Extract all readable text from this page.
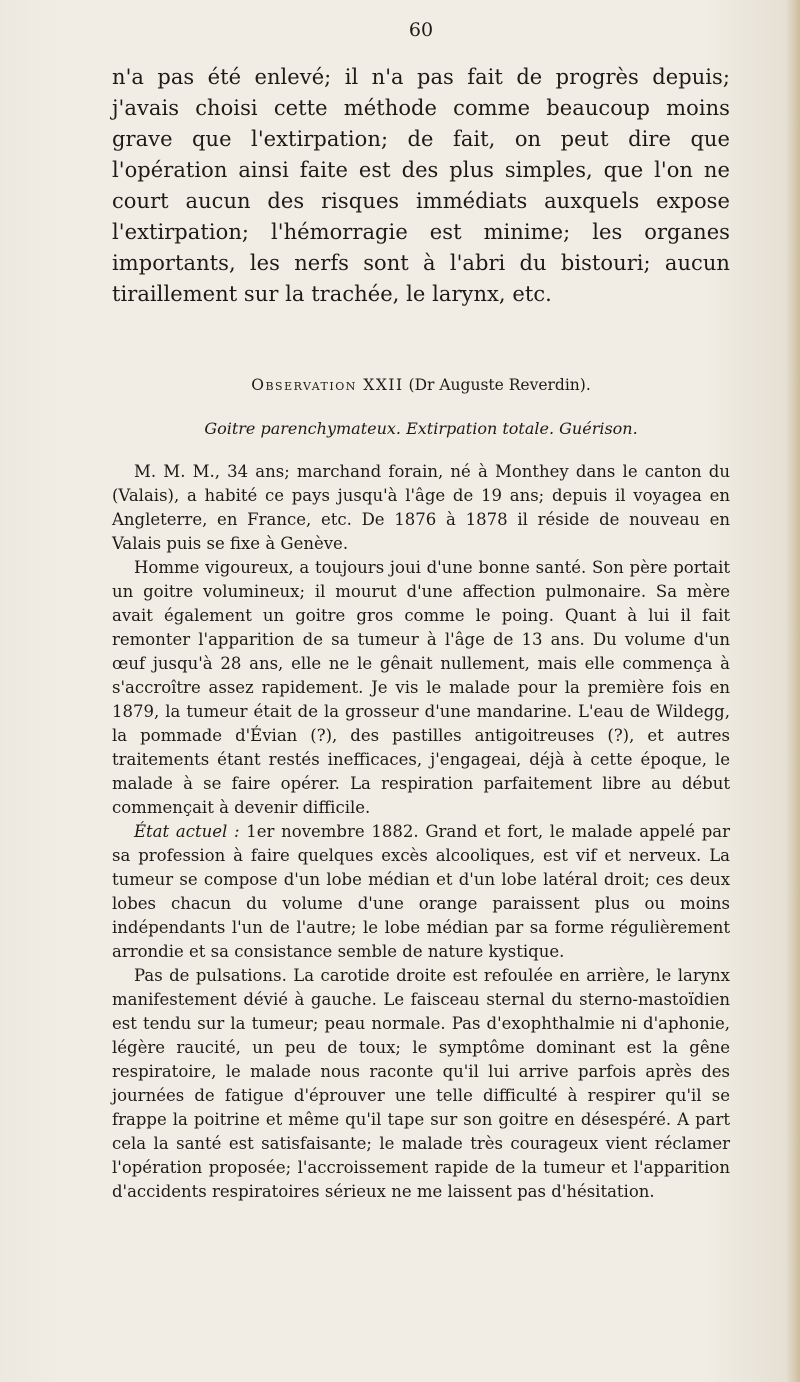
60

n'a pas été enlevé; il n'a pas fait de progrès depuis; j'avais choisi cette méthode comme beaucoup moins grave que l'extirpation; de fait, on peut dire que l'opération ainsi faite est des plus simples, que l'on ne court aucun des risques immédiats auxquels expose l'extirpation; l'hémorragie est minime; les organes importants, les nerfs sont à l'abri du bistouri; aucun tiraillement sur la trachée, le larynx, etc.

Observation XXII (Dr Auguste Reverdin).
Goitre parenchymateux. Extirpation totale. Guérison.

M. M. M., 34 ans; marchand forain, né à Monthey dans le canton du (Valais), a habité ce pays jusqu'à l'âge de 19 ans; depuis il voyagea en Angleterre, en France, etc. De 1876 à 1878 il réside de nouveau en Valais puis se fixe à Genève.

Homme vigoureux, a toujours joui d'une bonne santé. Son père portait un goitre volumineux; il mourut d'une affection pulmonaire. Sa mère avait également un goitre gros comme le poing. Quant à lui il fait remonter l'apparition de sa tumeur à l'âge de 13 ans. Du volume d'un œuf jusqu'à 28 ans, elle ne le gênait nullement, mais elle commença à s'accroître assez rapidement. Je vis le malade pour la première fois en 1879, la tumeur était de la grosseur d'une mandarine. L'eau de Wildegg, la pommade d'Évian (?), des pastilles antigoitreuses (?), et autres traitements étant restés inefficaces, j'engageai, déjà à cette époque, le malade à se faire opérer. La respiration parfaitement libre au début commençait à devenir difficile.

État actuel : 1er novembre 1882. Grand et fort, le malade appelé par sa profession à faire quelques excès alcooliques, est vif et nerveux. La tumeur se compose d'un lobe médian et d'un lobe latéral droit; ces deux lobes chacun du volume d'une orange paraissent plus ou moins indépendants l'un de l'autre; le lobe médian par sa forme régulièrement arrondie et sa consistance semble de nature kystique.

Pas de pulsations. La carotide droite est refoulée en arrière, le larynx manifestement dévié à gauche. Le faisceau sternal du sterno-mastoïdien est tendu sur la tumeur; peau normale. Pas d'exophthalmie ni d'aphonie, légère raucité, un peu de toux; le symptôme dominant est la gêne respiratoire, le malade nous raconte qu'il lui arrive parfois après des journées de fatigue d'éprouver une telle difficulté à respirer qu'il se frappe la poitrine et même qu'il tape sur son goitre en désespéré. A part cela la santé est satisfaisante; le malade très courageux vient réclamer l'opération proposée; l'accroissement rapide de la tumeur et l'apparition d'accidents respiratoires sérieux ne me laissent pas d'hésitation.
